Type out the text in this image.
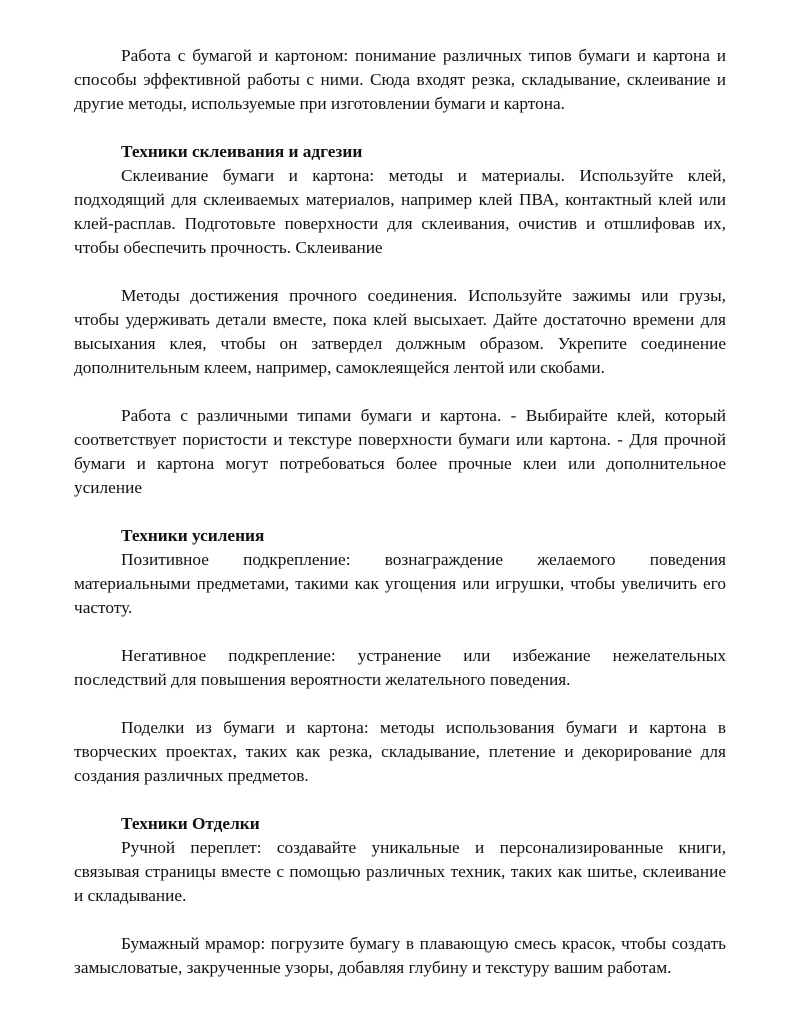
Работа с бумагой и картоном: понимание различных типов бумаги и картона и способы эффективной работы с ними. Сюда входят резка, складывание, склеивание и другие методы, используемые при изготовлении бумаги и картона.

Техники склеивания и адгезии

Склеивание бумаги и картона: методы и материалы. Используйте клей, подходящий для склеиваемых материалов, например клей ПВА, контактный клей или клей-расплав. Подготовьте поверхности для склеивания, очистив и отшлифовав их, чтобы обеспечить прочность. Склеивание

Методы достижения прочного соединения. Используйте зажимы или грузы, чтобы удерживать детали вместе, пока клей высыхает. Дайте достаточно времени для высыхания клея, чтобы он затвердел должным образом. Укрепите соединение дополнительным клеем, например, самоклеящейся лентой или скобами.

Работа с различными типами бумаги и картона. - Выбирайте клей, который соответствует пористости и текстуре поверхности бумаги или картона. - Для прочной бумаги и картона могут потребоваться более прочные клеи или дополнительное усиление

Техники усиления

Позитивное подкрепление: вознаграждение желаемого поведения материальными предметами, такими как угощения или игрушки, чтобы увеличить его частоту.

Негативное подкрепление: устранение или избежание нежелательных последствий для повышения вероятности желательного поведения.

Поделки из бумаги и картона: методы использования бумаги и картона в творческих проектах, таких как резка, складывание, плетение и декорирование для создания различных предметов.

Техники Отделки

Ручной переплет: создавайте уникальные и персонализированные книги, связывая страницы вместе с помощью различных техник, таких как шитье, склеивание и складывание.

Бумажный мрамор: погрузите бумагу в плавающую смесь красок, чтобы создать замысловатые, закрученные узоры, добавляя глубину и текстуру вашим работам.
